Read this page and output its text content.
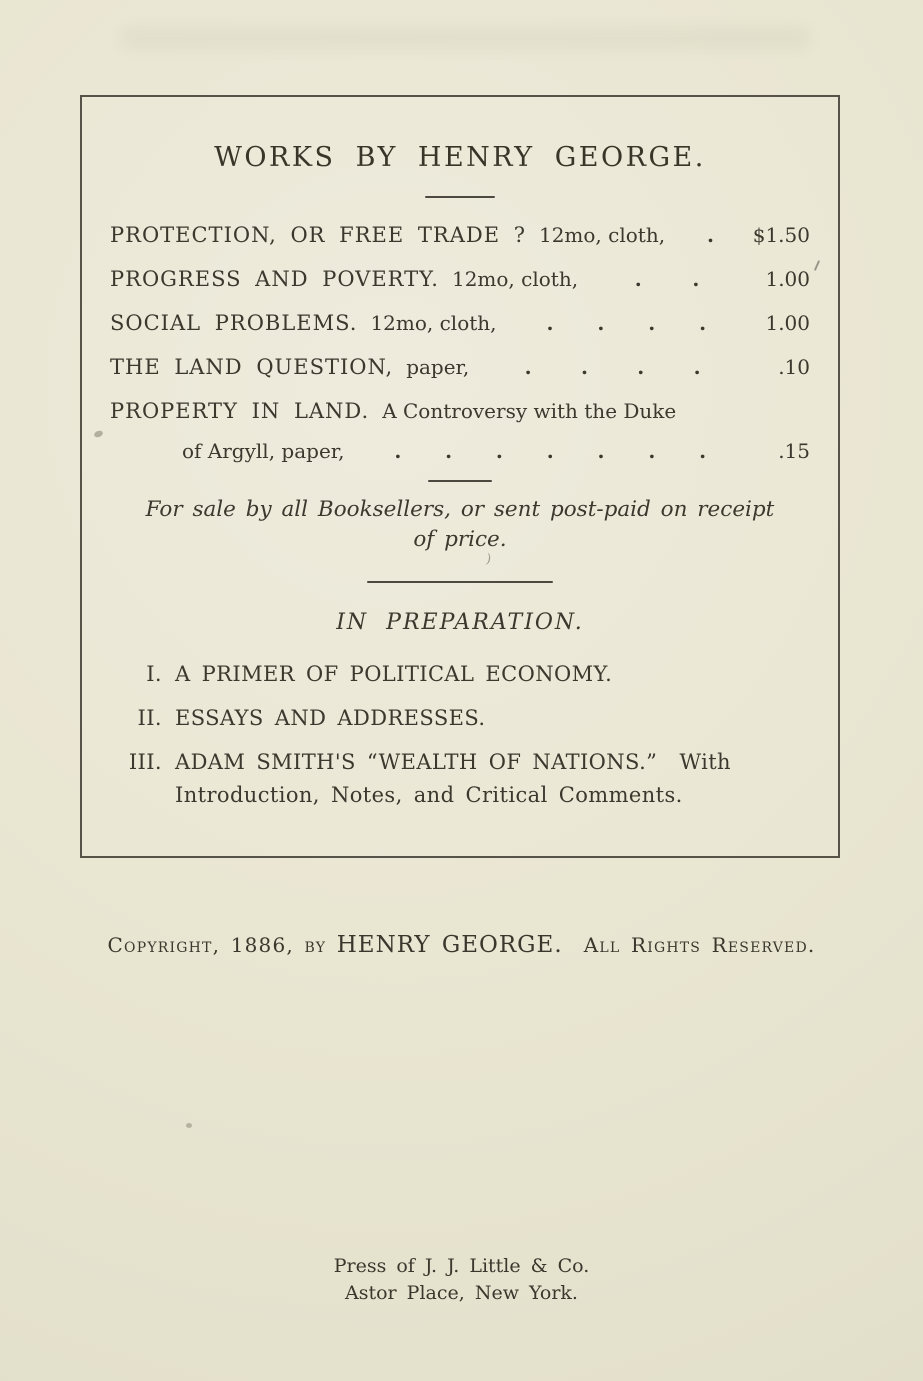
WORKS BY HENRY GEORGE.
PROTECTION, OR FREE TRADE ? 12mo, cloth, . $1.50
PROGRESS AND POVERTY. 12mo, cloth,	.	.	1.00
SOCIAL PROBLEMS. 12mo, cloth, . . . .	1.00
THE LAND QUESTION, paper,	. . . .	.10
PROPERTY IN LAND. A Controversy with the Duke
of Argyll, paper, . . . . . . .	.15
For sale by all Booksellers, or sent post-paid on receipt
of price.
IN PREPARATION.
I. A PRIMER OF POLITICAL ECONOMY.
II. ESSAYS AND ADDRESSES.
III. ADAM SMITH'S “WEALTH OF NATIONS.”  With
Introduction, Notes, and Critical Comments.
Copyright, 1886, by HENRY GEORGE.  All Rights Reserved.
Press of J. J. Little & Co.
Astor Place, New York.
)
